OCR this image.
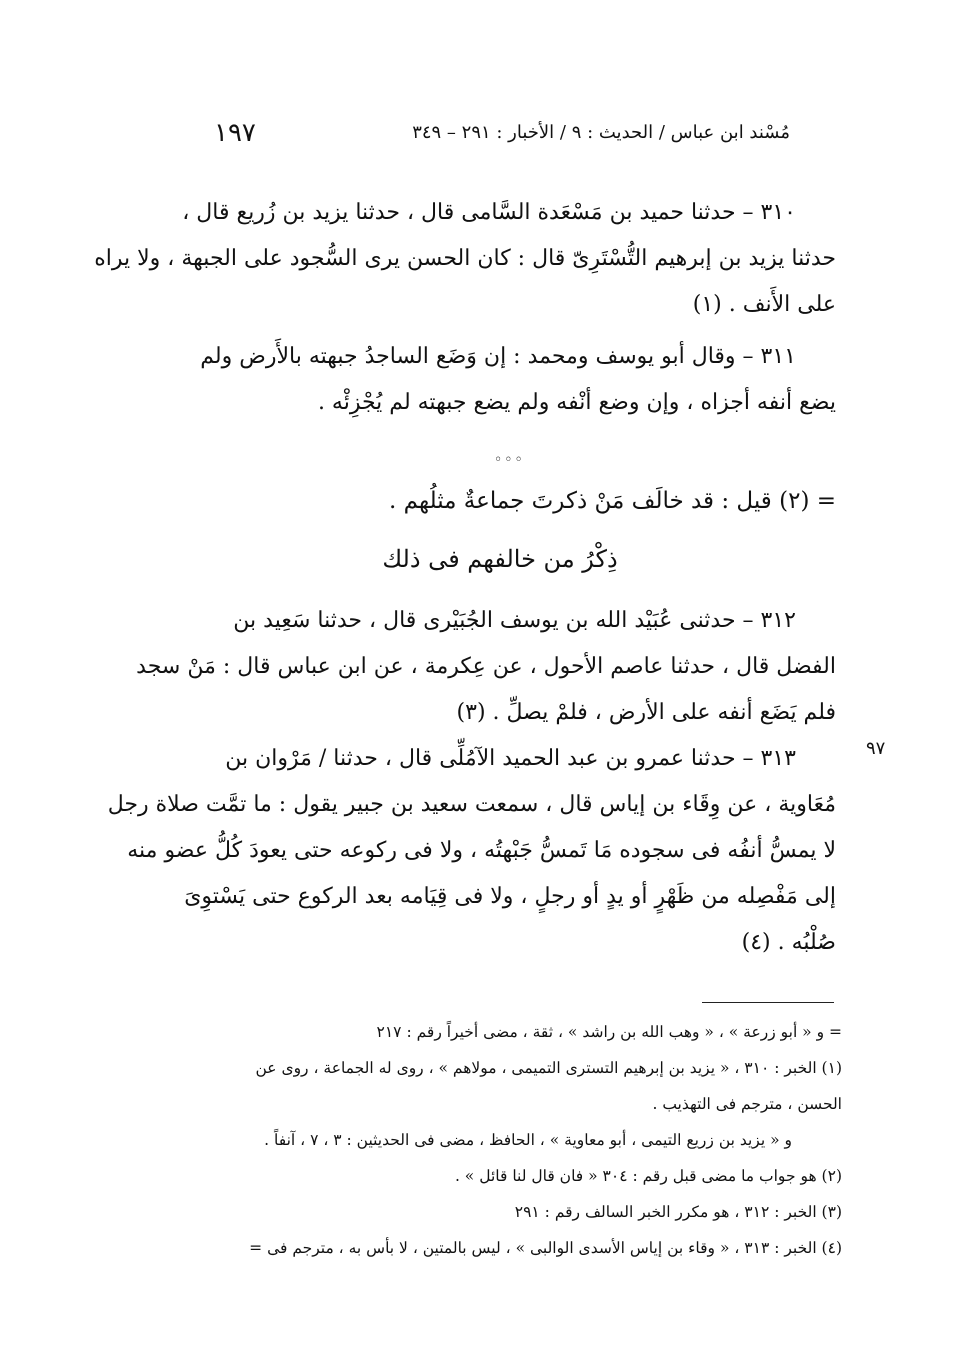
١٩٧	مُسْند ابن عباس / الحديث : ٩ / الأخبار : ٢٩١ – ٣٤٩
٣١٠ – حدثنا حميد بن مَسْعَدة السَّامى قال ، حدثنا يزيد بن زُريع قال ،
حدثنا يزيد بن إبرهيم التُّسْتَرِىّ قال : كان الحسن يرى السُّجود على الجبهة ، ولا يراه
على الأَنف . (١)
٣١١ – وقال أبو يوسف ومحمد : إن وَضَع الساجدُ جبهته بالأَرض ولم
يضع أنفه أجزاه ، وإن وضع أنْفه ولم يضع جبهته لم يُجْزِئْه .
◦◦◦
= (٢) قيل : قد خالَف مَنْ ذكرتَ جماعةٌ مثلُهم .
ذِكْرُ من خالفهم فى ذلك
٣١٢ – حدثنى عُبَيْد الله بن يوسف الجُبَيْرى قال ، حدثنا سَعِيد بن
الفضل قال ، حدثنا عاصم الأحول ، عن عِكرمة ، عن ابن عباس قال : مَنْ سجد
فلم يَضَع أنفه على الأرض ، فلمْ يصلِّ . (٣)
٣١٣ – حدثنا عمرو بن عبد الحميد الآمُلِّى قال ، حدثنا / مَرْوان بن
مُعَاوية ، عن وِقَاء بن إياس قال ، سمعت سعيد بن جبير يقول : ما تمَّت صلاة رجل
لا يمسُّ أنفُه فى سجوده مَا تَمسُّ جَبْهتُه ، ولا فى ركوعه حتى يعودَ كُلُّ عضو منه
إلى مَفْصِله من ظَهْرٍ أو يدٍ أو رجلٍ ، ولا فى قِيَامه بعد الركوع حتى يَسْتوِىَ
صُلْبُه . (٤)
٩٧
= و « أبو زرعة » ، « وهب الله بن راشد » ، ثقة ، مضى أخيراً رقم : ٢١٧
(١) الخبر : ٣١٠ ، « يزيد بن إبرهيم التسترى التميمى ، مولاهم » ، روى له الجماعة ، روى عن
الحسن ، مترجم فى التهذيب .
و « يزيد بن زريع التيمى ، أبو معاوية » ، الحافظ ، مضى فى الحديثين : ٣ ، ٧ ، آنفاً .
(٢) هو جواب ما مضى قبل رقم : ٣٠٤ « فان قال لنا قائل » .
(٣) الخبر : ٣١٢ ، هو مكرر الخبر السالف رقم : ٢٩١
(٤) الخبر : ٣١٣ ، « وقاء بن إياس الأسدى الوالبى » ، ليس بالمتين ، لا بأس به ، مترجم فى =
